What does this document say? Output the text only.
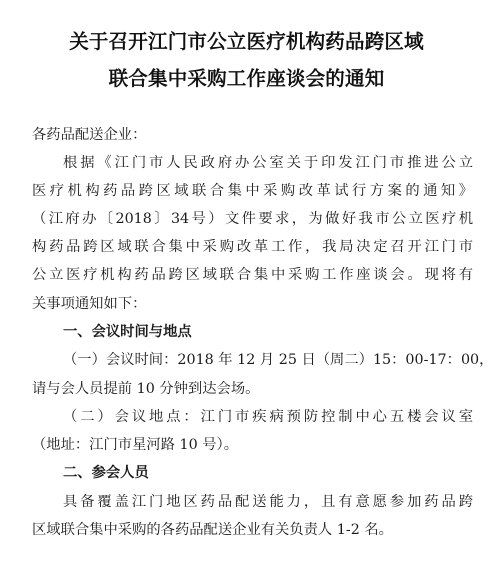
关于召开江门市公立医疗机构药品跨区域
联合集中采购工作座谈会的通知
各药品配送企业：
根据《江门市人民政府办公室关于印发江门市推进公立
医疗机构药品跨区域联合集中采购改革试行方案的通知》
（江府办〔2018〕34号）文件要求，为做好我市公立医疗机
构药品跨区域联合集中采购改革工作，我局决定召开江门市
公立医疗机构药品跨区域联合集中采购工作座谈会。现将有
关事项通知如下：
一、会议时间与地点
（一）会议时间：2018 年 12 月 25 日（周二）15：00-17：00，
请与会人员提前 10 分钟到达会场。
（二）会议地点：江门市疾病预防控制中心五楼会议室
（地址：江门市星河路 10 号）。
二、参会人员
具备覆盖江门地区药品配送能力，且有意愿参加药品跨
区域联合集中采购的各药品配送企业有关负责人 1-2 名。
